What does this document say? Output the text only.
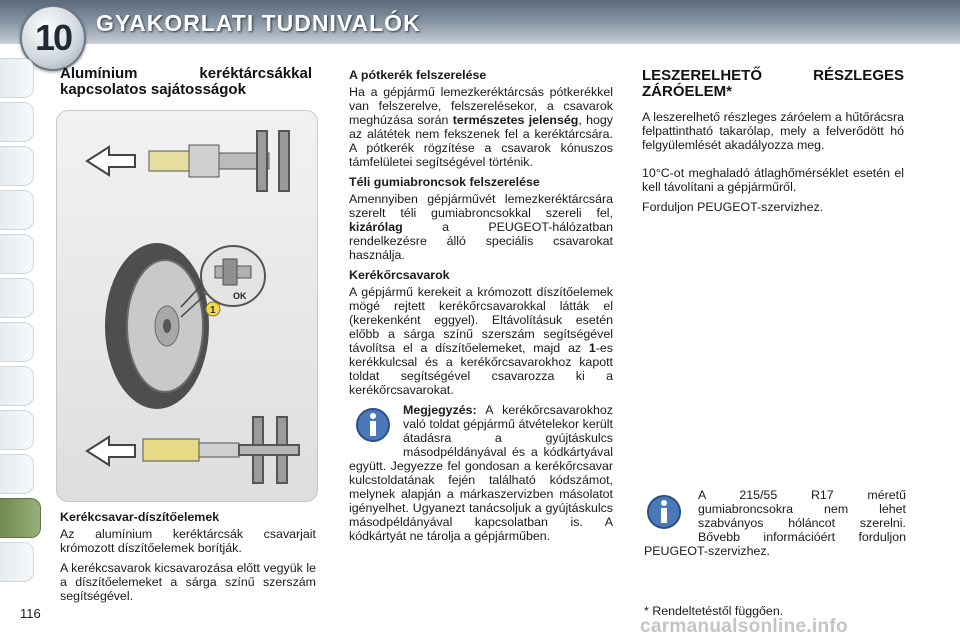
10	GYAKORLATI TUDNIVALÓK
Alumínium keréktárcsákkal kapcsolatos sajátosságok
OK
1
Kerékcsavar-díszítőelemek

Az alumínium keréktárcsák csavarjait krómozott díszítőelemek borítják.

A kerékcsavarok kicsavarozása előtt vegyük le a díszítőelemeket a sárga színű szerszám segítségével.

A pótkerék felszerelése

Ha a gépjármű lemezkeréktárcsás pótkerékkel van felszerelve, felszerelésekor, a csavarok meghúzása során természetes jelenség, hogy az alátétek nem fekszenek fel a keréktárcsára. A pótkerék rögzítése a csavarok kónuszos támfelületei segítségével történik.

Téli gumiabroncsok felszerelése

Amennyiben gépjárművét lemezkeréktárcsára szerelt téli gumiabroncsokkal szereli fel, kizárólag a PEUGEOT-hálózatban rendelkezésre álló speciális csavarokat használja.

Kerékőrcsavarok

A gépjármű kerekeit a krómozott díszítőelemek mögé rejtett kerékőrcsavarokkal látták el (kerekenként eggyel). Eltávolításuk esetén előbb a sárga színű szerszám segítségével távolítsa el a díszítőelemeket, majd az 1-es kerékkulcsal és a kerékőrcsavarokhoz kapott toldat segítségével csavarozza ki a kerékőrcsavarokat.

Megjegyzés: A kerékőrcsavarokhoz való toldat gépjármű átvételekor került átadásra a gyújtáskulcs másodpéldányával és a kódkártyával együtt. Jegyezze fel gondosan a kerékőrcsavar kulcstoldatának fején található kódszámot, melynek alapján a márkaszervizben másolatot igényelhet. Ugyanezt tanácsoljuk a gyújtáskulcs másodpéldányával kapcsolatban is. A kódkártyát ne tárolja a gépjárműben.

LESZERELHETŐ RÉSZLEGES ZÁRÓELEM*

A leszerelhető részleges záróelem a hűtőrácsra felpattintható takarólap, mely a felverődött hó felgyülemlését akadályozza meg.

10°C-ot meghaladó átlaghőmérséklet esetén el kell távolítani a gépjárműről.

Forduljon PEUGEOT-szervizhez.

A 215/55 R17 méretű gumiabroncsokra nem lehet szabványos hóláncot szerelni. Bővebb információért forduljon PEUGEOT-szervizhez.

116	* Rendeltetéstől függően.
carmanualsonline.info
